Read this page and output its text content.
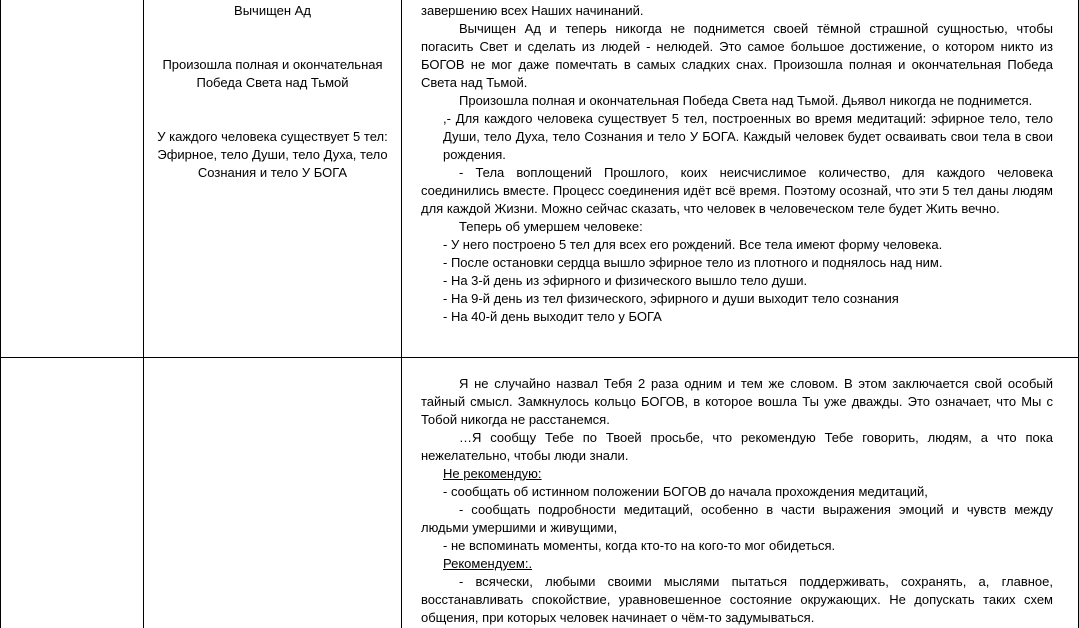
Вычищен Ад

Произошла полная и окончательная

Победа Света над Тьмой

У каждого человека существует 5 тел:

Эфирное, тело Души, тело Духа, тело

Сознания и тело У БОГА

завершению всех Наших начинаний.

Вычищен Ад и теперь никогда не поднимется своей тёмной страшной сущностью, чтобы погасить Свет и сделать из людей - нелюдей. Это самое большое достижение, о котором никто из БОГОВ не мог даже помечтать в самых сладких снах. Произошла полная и окончательная Победа Света над Тьмой.

Произошла полная и окончательная Победа Света над Тьмой. Дьявол никогда не поднимется.

,- Для каждого человека существует 5 тел, построенных во время медитаций: эфирное тело, тело Души, тело Духа, тело Сознания и тело У БОГА. Каждый человек будет осваивать свои тела в свои рождения.

- Тела воплощений Прошлого, коих неисчислимое количество, для каждого человека соединились вместе. Процесс соединения идёт всё время. Поэтому осознай, что эти 5 тел даны людям для каждой Жизни. Можно сейчас сказать, что человек в человеческом теле будет Жить вечно.

Теперь об умершем человеке:

- У него построено 5 тел для всех его рождений. Все тела имеют форму человека.

- После остановки сердца вышло эфирное тело из плотного и поднялось над ним.

- На 3-й день из эфирного и физического вышло тело души.

- На 9-й день из тел физического, эфирного и души выходит тело сознания

- На 40-й день выходит тело у БОГА

Я не случайно назвал Тебя 2 раза одним и тем же словом. В этом заключается свой особый тайный смысл. Замкнулось кольцо БОГОВ, в которое вошла Ты уже дважды. Это означает, что Мы с Тобой никогда не расстанемся.

…Я сообщу Тебе по Твоей просьбе, что рекомендую Тебе говорить, людям, а что пока нежелательно, чтобы люди знали.

Не рекомендую:

- сообщать об истинном положении БОГОВ до начала прохождения медитаций,

- сообщать подробности медитаций, особенно в части выражения эмоций и чувств между людьми умершими и живущими,

- не вспоминать моменты, когда кто-то на кого-то мог обидеться.

Рекомендуем:.

- всячески, любыми своими мыслями пытаться поддерживать, сохранять, а, главное, восстанавливать спокойствие, уравновешенное состояние окружающих. Не допускать таких схем общения, при которых человек начинает о чём-то задумываться.
